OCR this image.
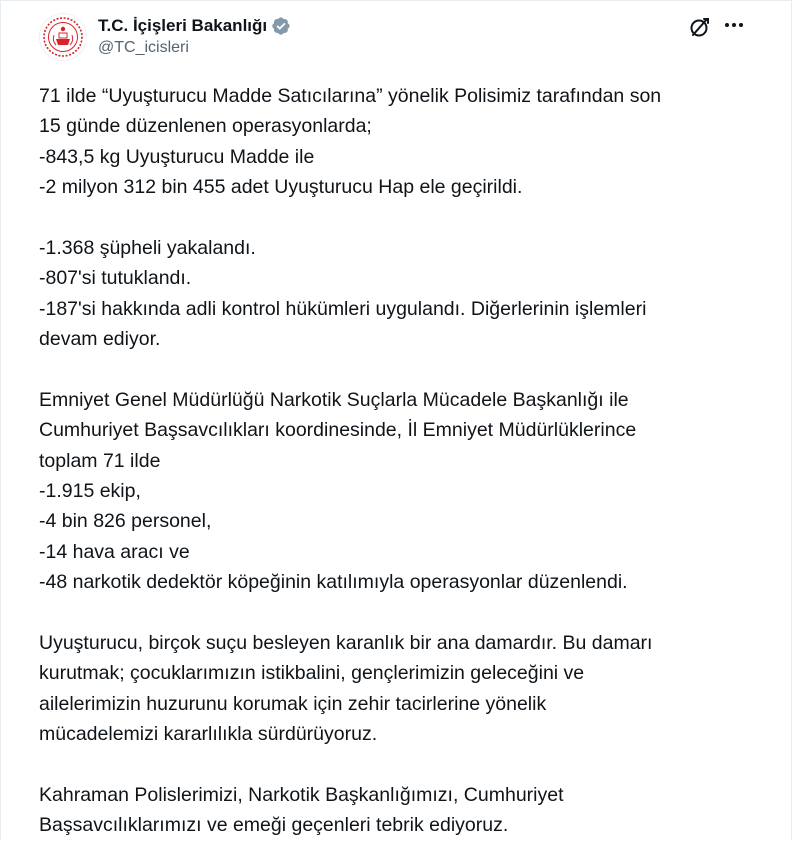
T.C. İçişleri Bakanlığı
@TC_icisleri
71 ilde “Uyuşturucu Madde Satıcılarına” yönelik Polisimiz tarafından son
15 günde düzenlenen operasyonlarda;
-843,5 kg Uyuşturucu Madde ile
-2 milyon 312 bin 455 adet Uyuşturucu Hap ele geçirildi.
-1.368 şüpheli yakalandı.
-807'si tutuklandı.
-187'si hakkında adli kontrol hükümleri uygulandı. Diğerlerinin işlemleri
devam ediyor.
Emniyet Genel Müdürlüğü Narkotik Suçlarla Mücadele Başkanlığı ile
Cumhuriyet Başsavcılıkları koordinesinde, İl Emniyet Müdürlüklerince
toplam 71 ilde
-1.915 ekip,
-4 bin 826 personel,
-14 hava aracı ve
-48 narkotik dedektör köpeğinin katılımıyla operasyonlar düzenlendi.
Uyuşturucu, birçok suçu besleyen karanlık bir ana damardır. Bu damarı
kurutmak; çocuklarımızın istikbalini, gençlerimizin geleceğini ve
ailelerimizin huzurunu korumak için zehir tacirlerine yönelik
mücadelemizi kararlılıkla sürdürüyoruz.
Kahraman Polislerimizi, Narkotik Başkanlığımızı, Cumhuriyet
Başsavcılıklarımızı ve emeği geçenleri tebrik ediyoruz.
